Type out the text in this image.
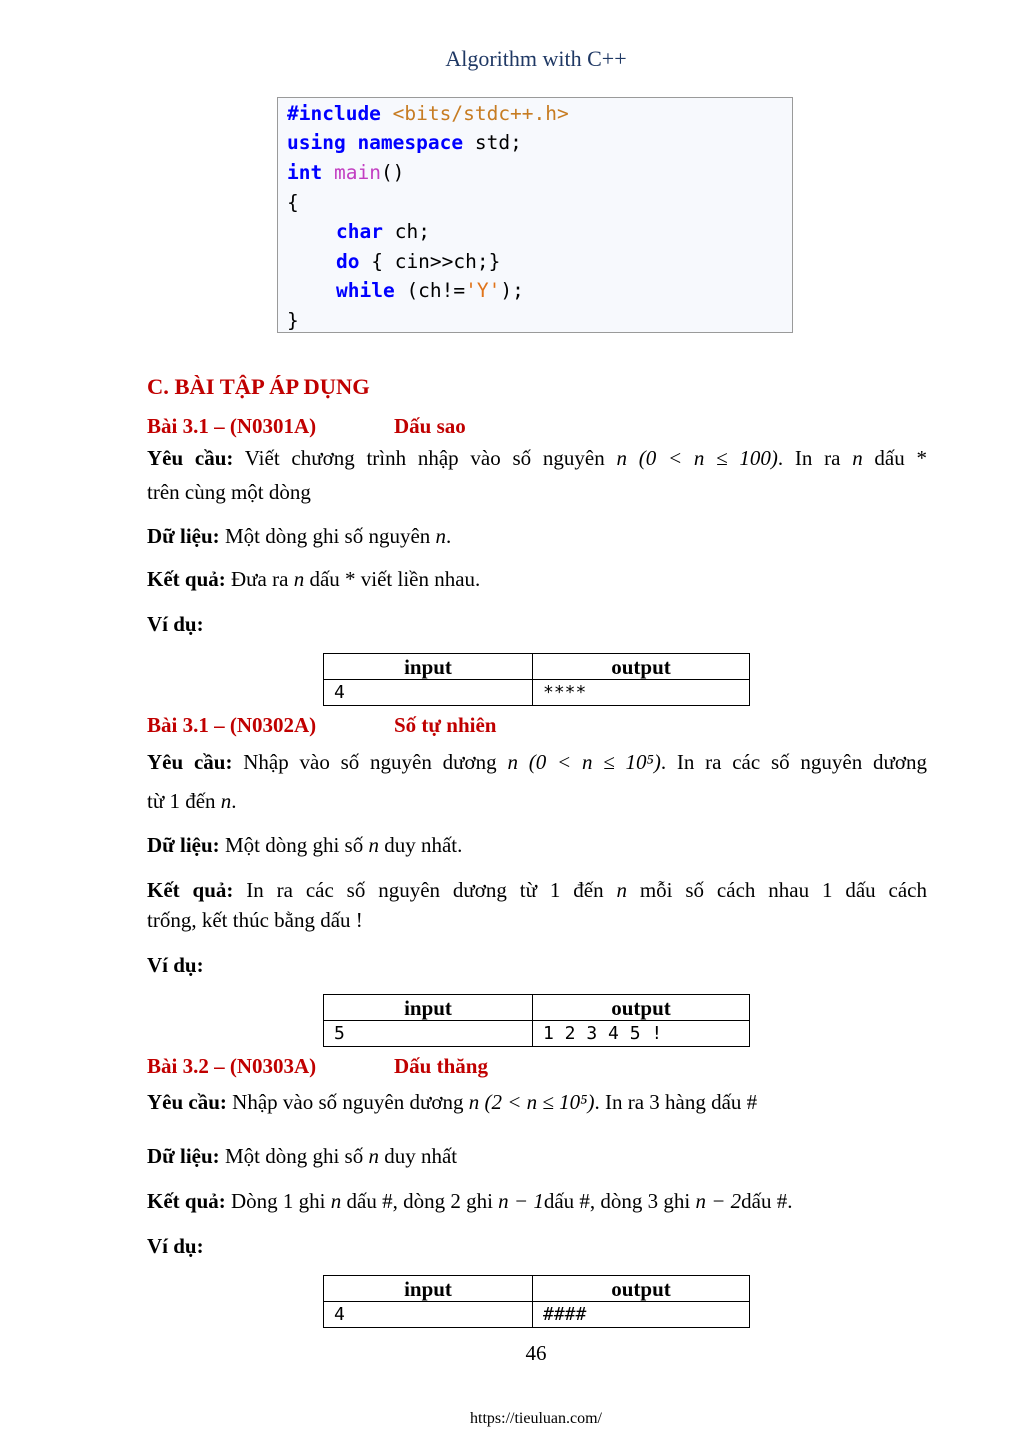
Algorithm with C++
#include <bits/stdc++.h>
using namespace std;
int main()
{
char ch;
do { cin>>ch;}
while (ch!='Y');
}
C. BÀI TẬP ÁP DỤNG
Bài 3.1 – (N0301A)	Dấu sao
Yêu cầu: Viết chương trình nhập vào số nguyên n (0 < n ≤ 100). In ra n dấu *
trên cùng một dòng
Dữ liệu: Một dòng ghi số nguyên n.
Kết quả: Đưa ra n dấu * viết liền nhau.
Ví dụ:
input	output
4	****
Bài 3.1 – (N0302A)	Số tự nhiên
Yêu cầu: Nhập vào số nguyên dương n (0 < n ≤ 10⁵). In ra các số nguyên dương
từ 1 đến n.
Dữ liệu: Một dòng ghi số n duy nhất.
Kết quả: In ra các số nguyên dương từ 1 đến n mỗi số cách nhau 1 dấu cách
trống, kết thúc bằng dấu !
Ví dụ:
input	output
5	1 2 3 4 5 !
Bài 3.2 – (N0303A)	Dấu thăng
Yêu cầu: Nhập vào số nguyên dương n (2 < n ≤ 10⁵). In ra 3 hàng dấu #
Dữ liệu: Một dòng ghi số n duy nhất
Kết quả: Dòng 1 ghi n dấu #, dòng 2 ghi n − 1dấu #, dòng 3 ghi n − 2dấu #.
Ví dụ:
input	output
4	####
46
https://tieuluan.com/
